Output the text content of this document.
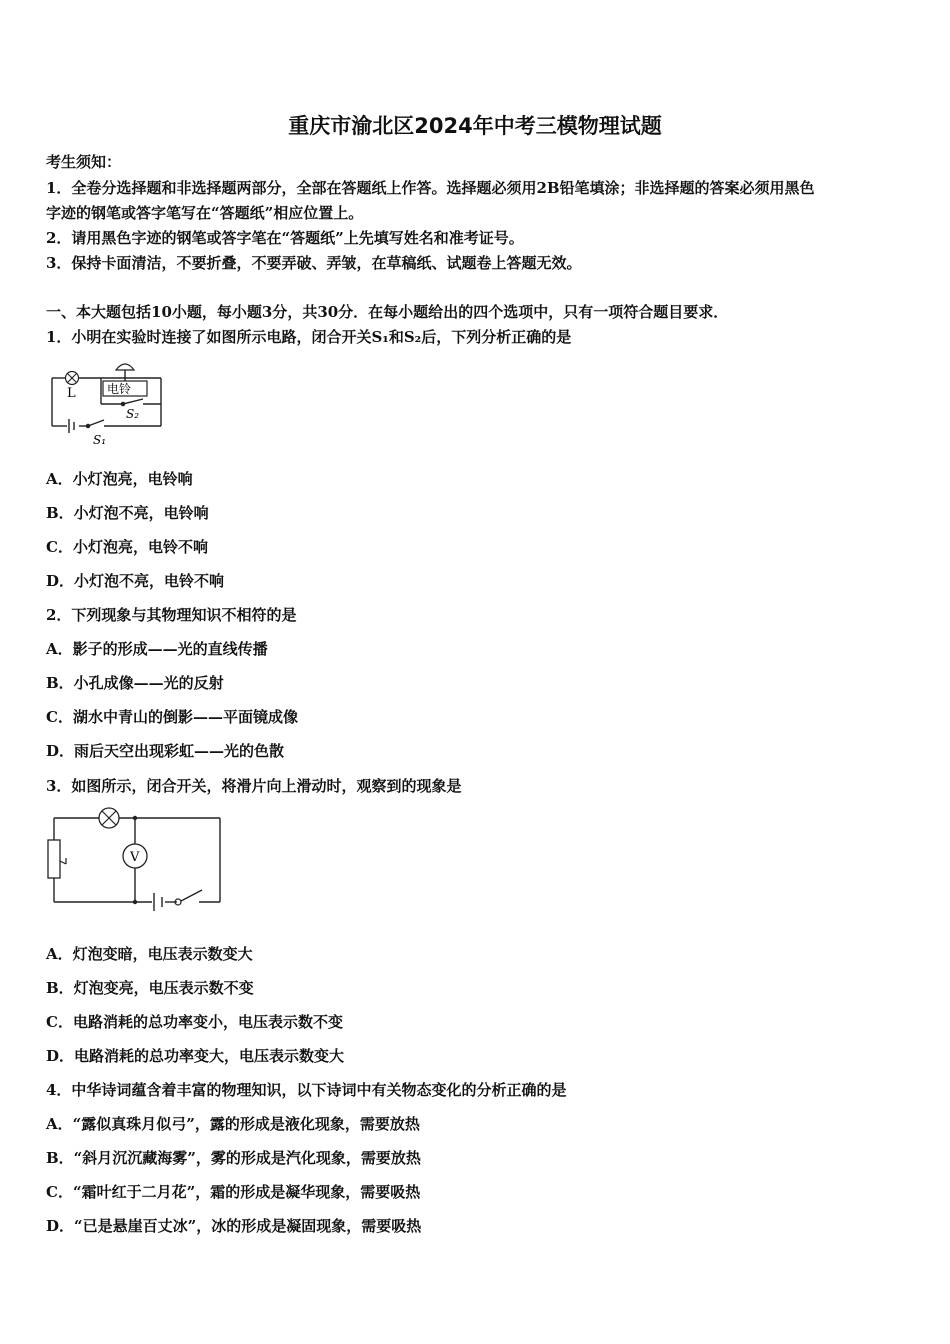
重庆市渝北区2024年中考三模物理试题
考生须知：
1．全卷分选择题和非选择题两部分，全部在答题纸上作答。选择题必须用2B铅笔填涂；非选择题的答案必须用黑色
字迹的钢笔或答字笔写在“答题纸”相应位置上。
2．请用黑色字迹的钢笔或答字笔在“答题纸”上先填写姓名和准考证号。
3．保持卡面清洁，不要折叠，不要弄破、弄皱，在草稿纸、试题卷上答题无效。
一、本大题包括10小题，每小题3分，共30分．在每小题给出的四个选项中，只有一项符合题目要求．
1．小明在实验时连接了如图所示电路，闭合开关S₁和S₂后，下列分析正确的是
L	电铃
S₂
S₁
A．小灯泡亮，电铃响
B．小灯泡不亮，电铃响
C．小灯泡亮，电铃不响
D．小灯泡不亮，电铃不响
2．下列现象与其物理知识不相符的是
A．影子的形成——光的直线传播
B．小孔成像——光的反射
C．湖水中青山的倒影——平面镜成像
D．雨后天空出现彩虹——光的色散
3．如图所示，闭合开关，将滑片向上滑动时，观察到的现象是
V
A．灯泡变暗，电压表示数变大
B．灯泡变亮，电压表示数不变
C．电路消耗的总功率变小，电压表示数不变
D．电路消耗的总功率变大，电压表示数变大
4．中华诗词蕴含着丰富的物理知识，以下诗词中有关物态变化的分析正确的是
A．“露似真珠月似弓”，露的形成是液化现象，需要放热
B．“斜月沉沉藏海雾”，雾的形成是汽化现象，需要放热
C．“霜叶红于二月花”，霜的形成是凝华现象，需要吸热
D．“已是悬崖百丈冰”，冰的形成是凝固现象，需要吸热
